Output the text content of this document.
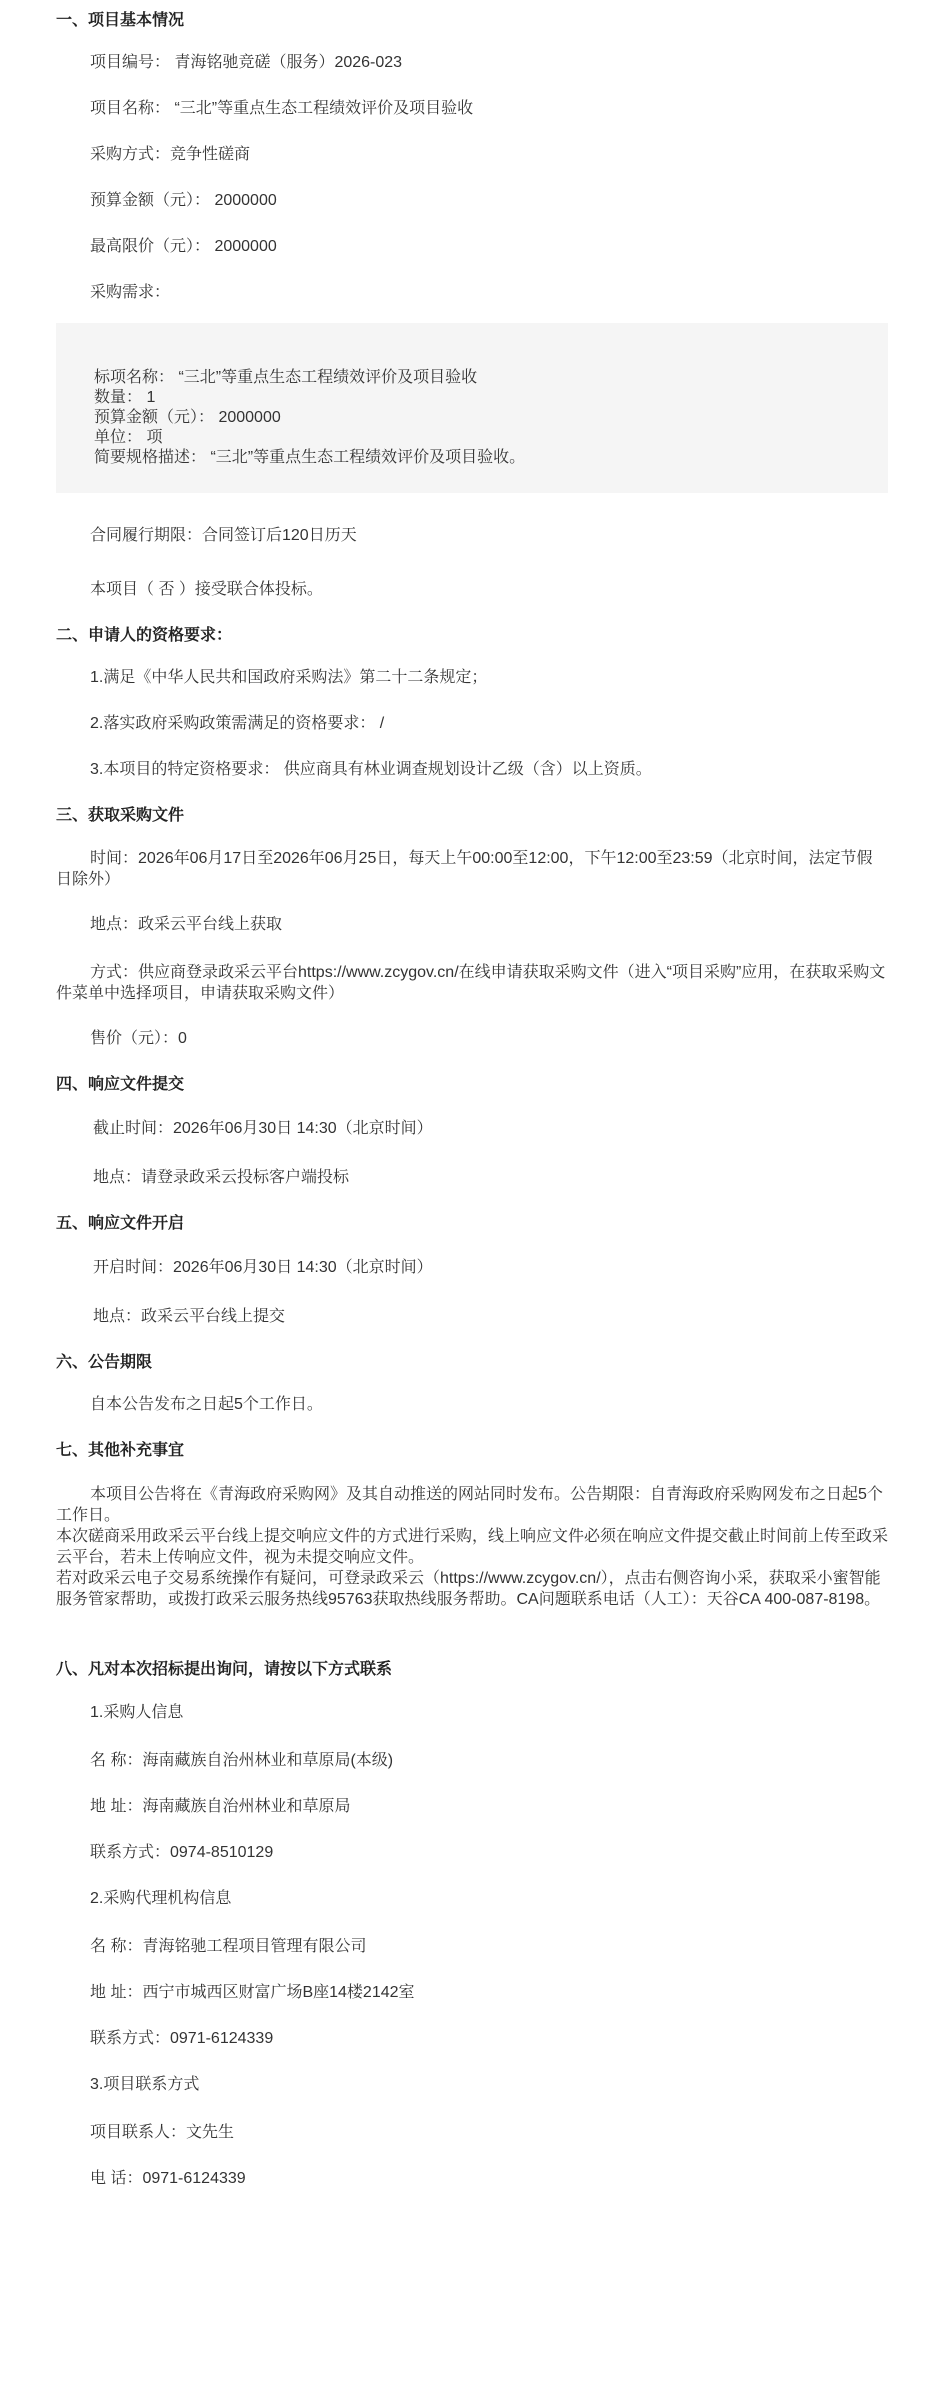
一、项目基本情况
项目编号： 青海铭驰竞磋（服务）2026-023
项目名称： “三北”等重点生态工程绩效评价及项目验收
采购方式：竞争性磋商
预算金额（元）： 2000000
最高限价（元）： 2000000
采购需求：
标项名称： “三北”等重点生态工程绩效评价及项目验收
数量： 1
预算金额（元）： 2000000
单位： 项
简要规格描述： “三北”等重点生态工程绩效评价及项目验收。
合同履行期限：合同签订后120日历天
本项目（ 否 ）接受联合体投标。
二、申请人的资格要求：
1.满足《中华人民共和国政府采购法》第二十二条规定；
2.落实政府采购政策需满足的资格要求： /
3.本项目的特定资格要求： 供应商具有林业调查规划设计乙级（含）以上资质。
三、获取采购文件
时间：2026年06月17日至2026年06月25日，每天上午00:00至12:00，下午12:00至23:59（北京时间，法定节假日除外）
地点：政采云平台线上获取
方式：供应商登录政采云平台https://www.zcygov.cn/在线申请获取采购文件（进入“项目采购”应用，在获取采购文件菜单中选择项目，申请获取采购文件）
售价（元）：0
四、响应文件提交
截止时间：2026年06月30日 14:30（北京时间）
地点：请登录政采云投标客户端投标
五、响应文件开启
开启时间：2026年06月30日 14:30（北京时间）
地点：政采云平台线上提交
六、公告期限
自本公告发布之日起5个工作日。
七、其他补充事宜
本项目公告将在《青海政府采购网》及其自动推送的网站同时发布。公告期限：自青海政府采购网发布之日起5个工作日。
本次磋商采用政采云平台线上提交响应文件的方式进行采购，线上响应文件必须在响应文件提交截止时间前上传至政采云平台，若未上传响应文件，视为未提交响应文件。
若对政采云电子交易系统操作有疑问，可登录政采云（https://www.zcygov.cn/），点击右侧咨询小采，获取采小蜜智能服务管家帮助，或拨打政采云服务热线95763获取热线服务帮助。CA问题联系电话（人工）：天谷CA 400-087-8198。
八、凡对本次招标提出询问，请按以下方式联系
1.采购人信息
名 称：海南藏族自治州林业和草原局(本级)
地 址：海南藏族自治州林业和草原局
联系方式：0974-8510129
2.采购代理机构信息
名 称：青海铭驰工程项目管理有限公司
地 址：西宁市城西区财富广场B座14楼2142室
联系方式：0971-6124339
3.项目联系方式
项目联系人：文先生
电 话：0971-6124339
